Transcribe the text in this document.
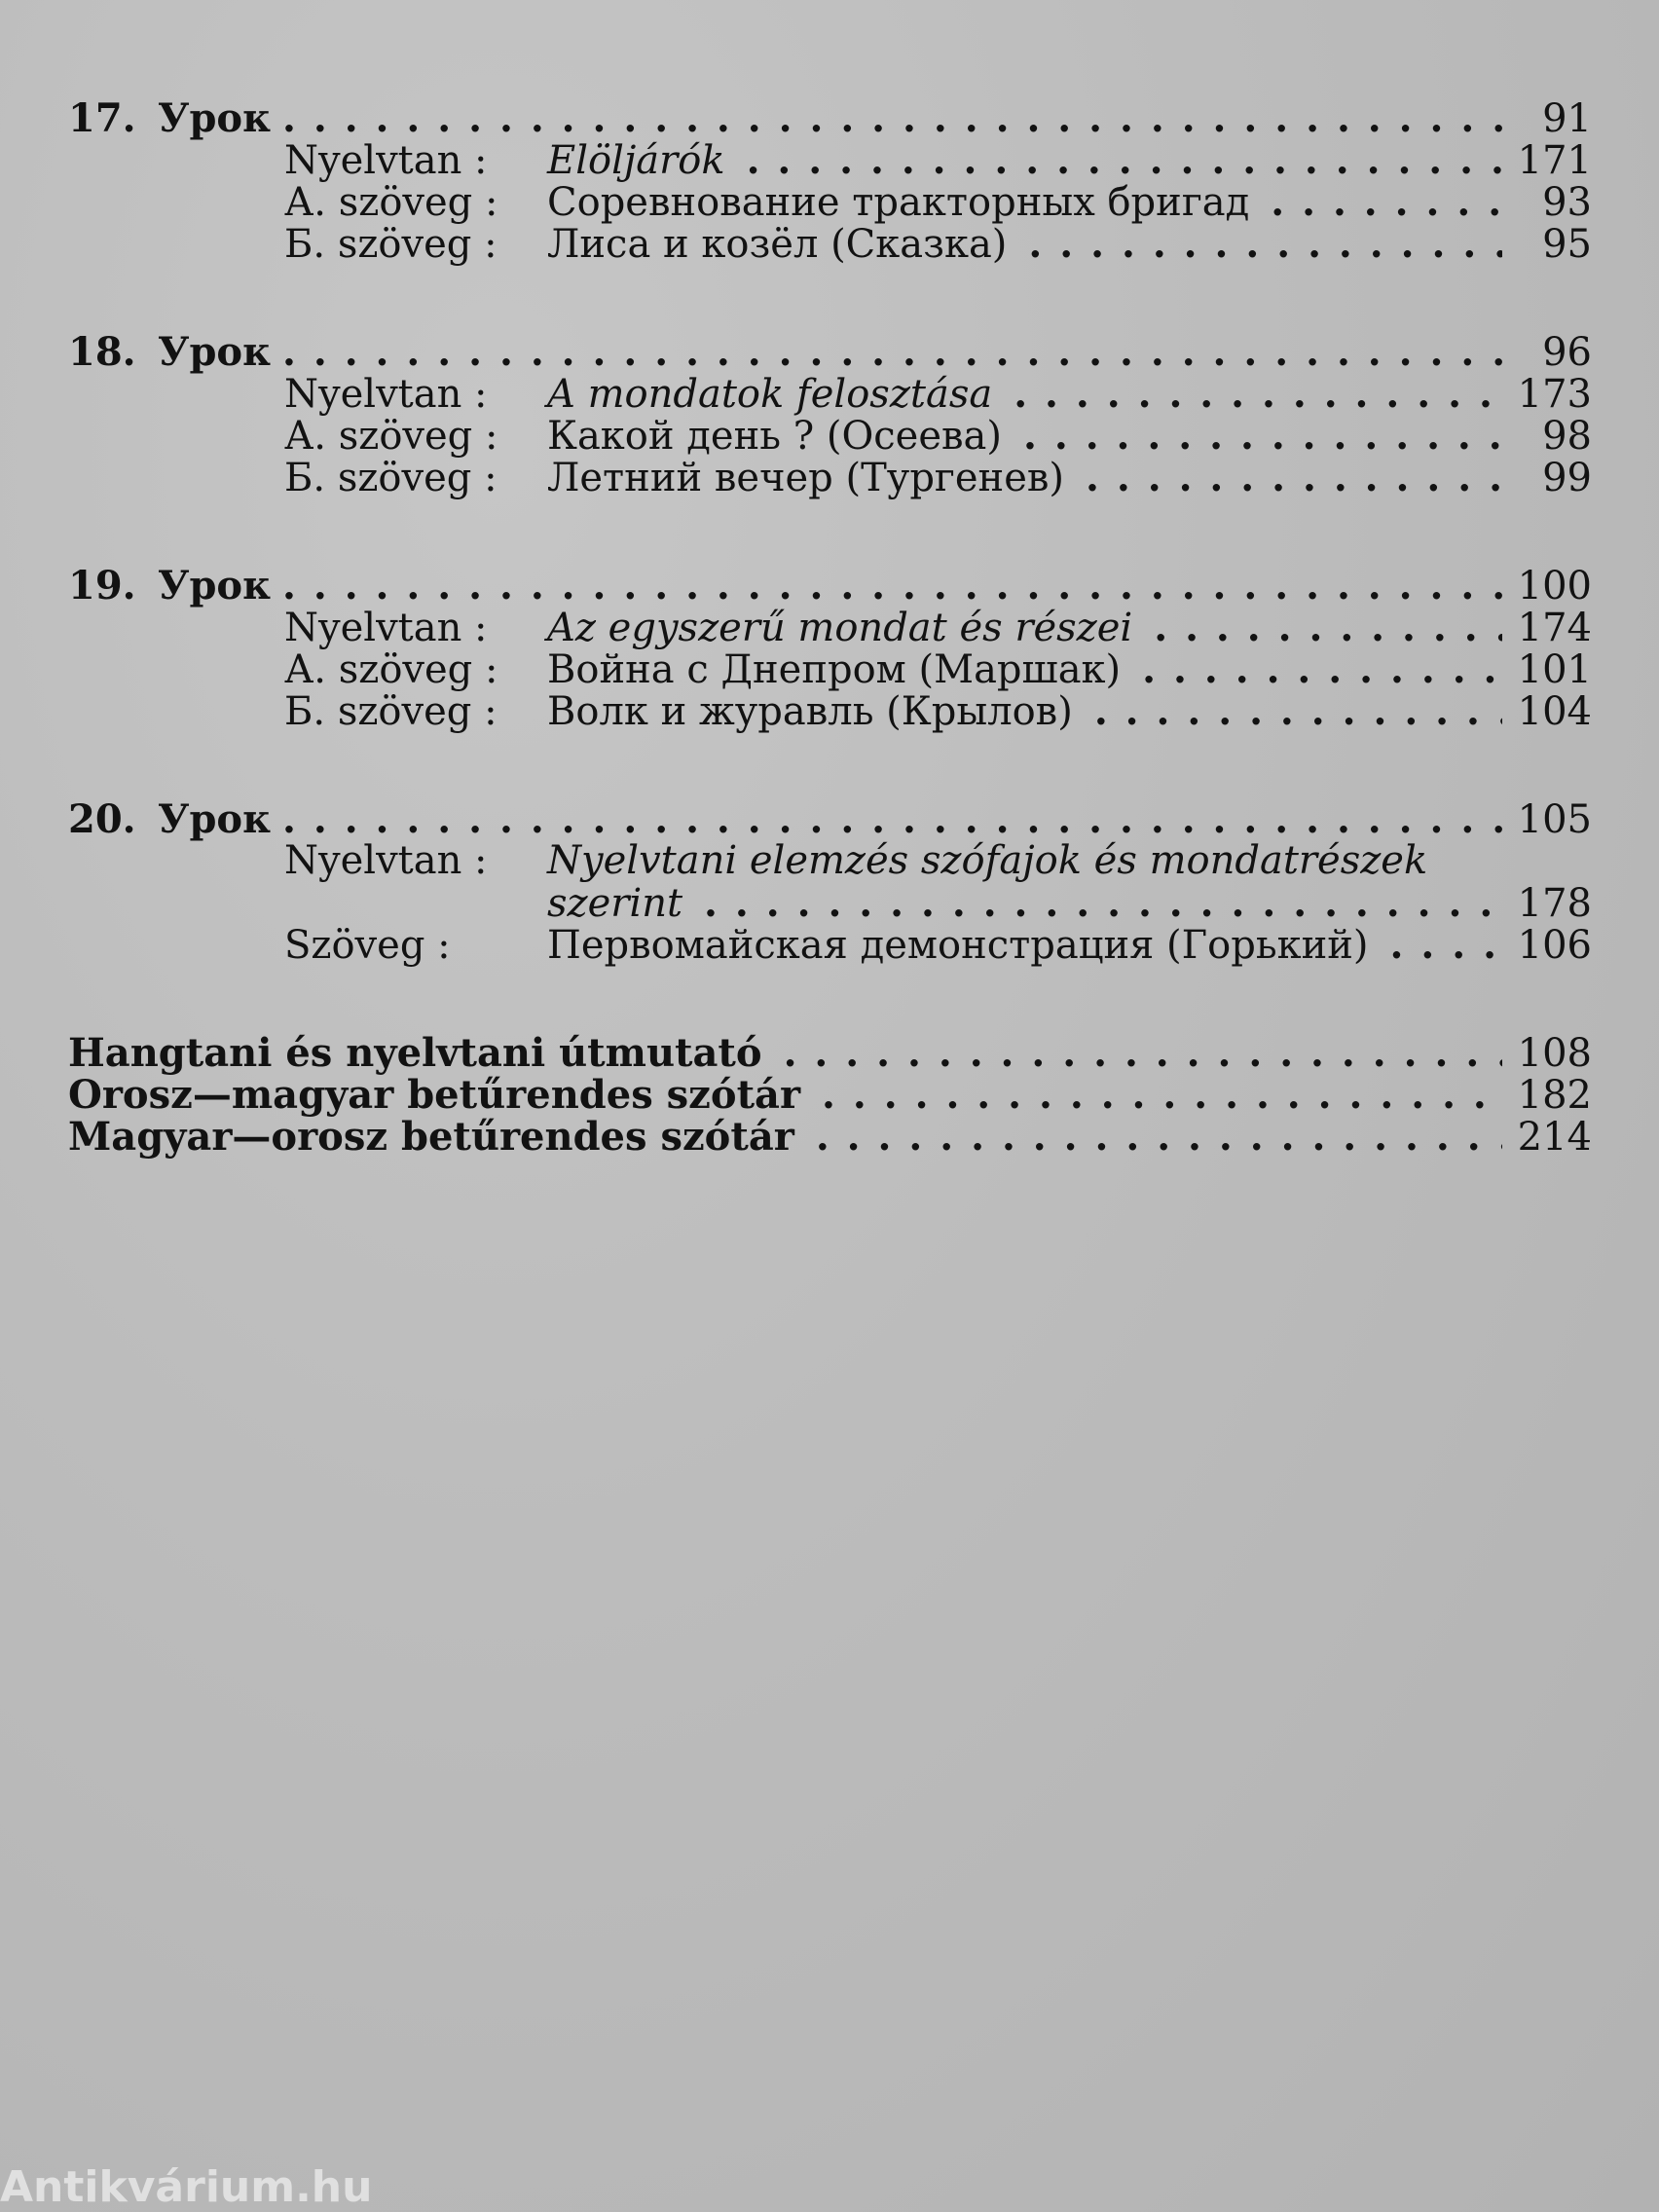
17. Урок . . .	91
Nyelvtan :	Elöljárók . . .	171
А. szöveg :	Соревнование тракторных бригад . . .	93
Б. szöveg :	Лиса и козёл (Сказка) . . .	95
18. Урок . . .	96
Nyelvtan :	A mondatok felosztása . . .	173
А. szöveg :	Какой день ? (Осеева) . . .	98
Б. szöveg :	Летний вечер (Тургенев) . . .	99
19. Урок . . .	100
Nyelvtan :	Az egyszerű mondat és részei . . .	174
А. szöveg :	Война с Днепром (Маршак) . . .	101
Б. szöveg :	Волк и журавль (Крылов) . . .	104
20. Урок . . .	105
Nyelvtan :	Nyelvtani elemzés szófajok és mondatrészek
szerint . . .	178
Szöveg :	Первомайская демонстрация (Горький) . . .	106
Hangtani és nyelvtani útmutató . . .	108
Orosz—magyar betűrendes szótár . . .	182
Magyar—orosz betűrendes szótár . . .	214
Antikvárium.hu
